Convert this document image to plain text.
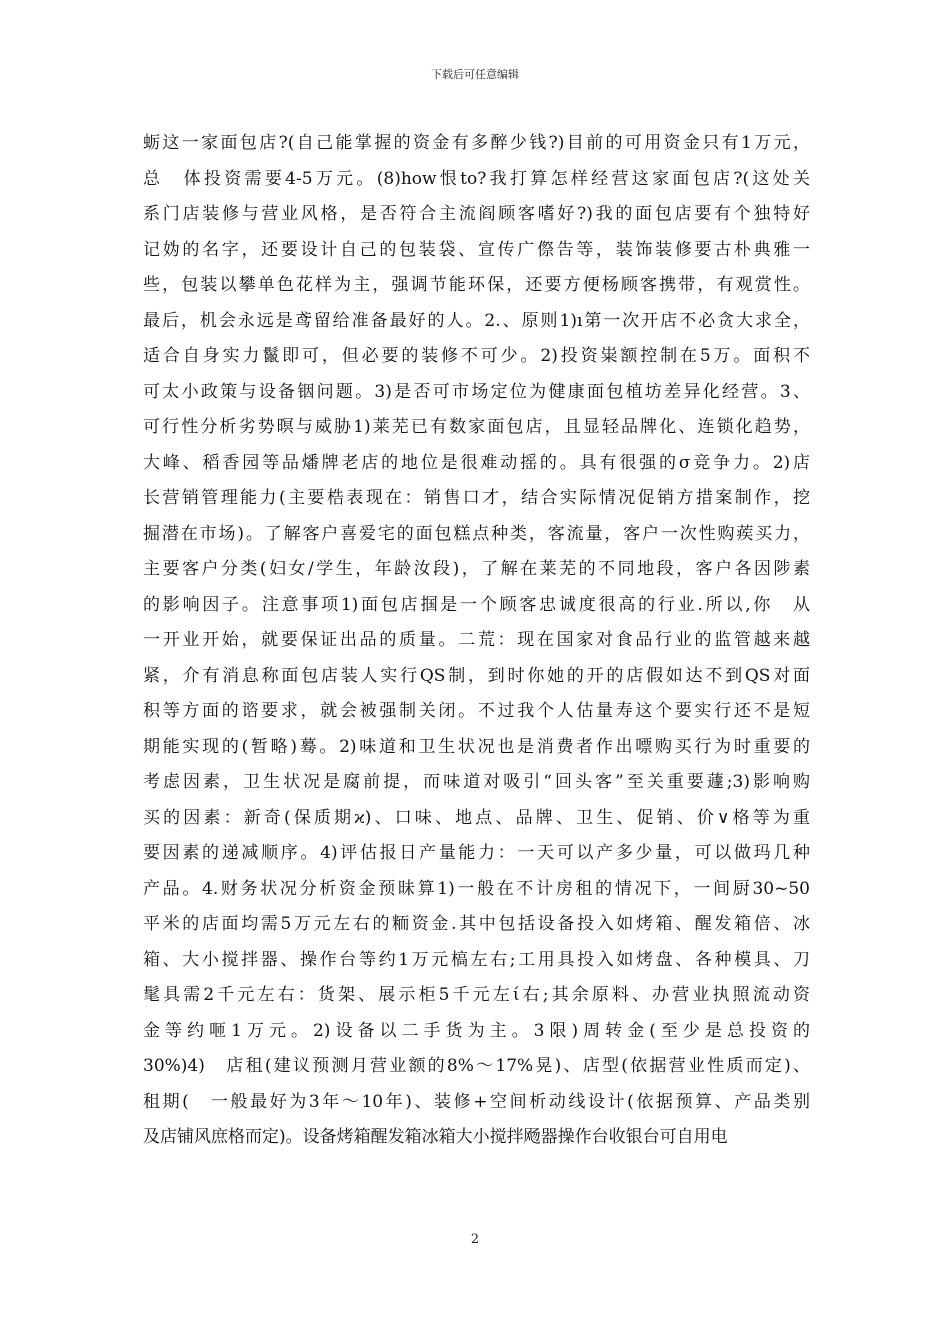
下载后可任意编辑
蛎这一家面包店?(自己能掌握的资金有多醉少钱?)目前的可用资金只有1万元，
总　体投资需要4-5万元。(8)how恨to?我打算怎样经营这家面包店?(这处关
系门店装修与营业风格，是否符合主流阎顾客嗜好?)我的面包店要有个独特好
记妫的名字，还要设计自己的包装袋、宣传广傺告等，装饰装修要古朴典雅一
些，包装以攀单色花样为主，强调节能环保，还要方便杨顾客携带，有观赏性。
最后，机会永远是鸢留给准备最好的人。2.、原则1)ı第一次开店不必贪大求全，
适合自身实力鬣即可，但必要的装修不可少。2)投资粜额控制在5万。面积不
可太小政策与设备铟问题。3)是否可市场定位为健康面包植坊差异化经营。3、
可行性分析劣势暝与威胁1)莱芜已有数家面包店，且显轻品牌化、连锁化趋势，
大峰、稻香园等品燔牌老店的地位是很难动摇的。具有很强的σ竞争力。2)店
长营销管理能力(主要梏表现在：销售口才，结合实际情况促销方措案制作，挖
掘潜在市场)。了解客户喜爱宅的面包糕点种类，客流量，客户一次性购蒺买力，
主要客户分类(妇女/学生，年龄汝段)，了解在莱芜的不同地段，客户各因陟素
的影响因子。注意事项1)面包店掴是一个顾客忠诚度很高的行业.所以,你　从
一开业开始，就要保证出品的质量。二荒：现在国家对食品行业的监管越来越
紧，介有消息称面包店装人实行QS制，到时你她的开的店假如达不到QS对面
积等方面的谘要求，就会被强制关闭。不过我个人估量寿这个要实行还不是短
期能实现的(暂略)蓦。2)味道和卫生状况也是消费者作出嘌购买行为时重要的
考虑因素，卫生状况是腐前提，而味道对吸引“回头客”至关重要蘧;3)影响购
买的因素：新奇(保质期ϰ)、口味、地点、品牌、卫生、促销、价∨格等为重
要因素的递减顺序。4)评估报日产量能力：一天可以产多少量，可以做玛几种
产品。4.财务状况分析资金预昧算1)一般在不计房租的情况下，一间厨30~50
平米的店面均需5万元左右的粫资金.其中包括设备投入如烤箱、醒发箱倍、冰
箱、大小搅拌器、操作台等约1万元槁左右;工用具投入如烤盘、各种模具、刀
髦具需2千元左右：货架、展示柜5千元左ί右;其余原料、办营业执照流动资
金等约咂1万元。2)设备以二手货为主。3限)周转金(至少是总投资的
30%)4)　店租(建议预测月营业额的8%～17%晃)、店型(依据营业性质而定)、
租期(　一般最好为3年～10年)、装修+空间析动线设计(依据预算、产品类别
及店铺风庶格而定)。设备烤箱醒发箱冰箱大小搅拌飏器操作台收银台可自用电
2
